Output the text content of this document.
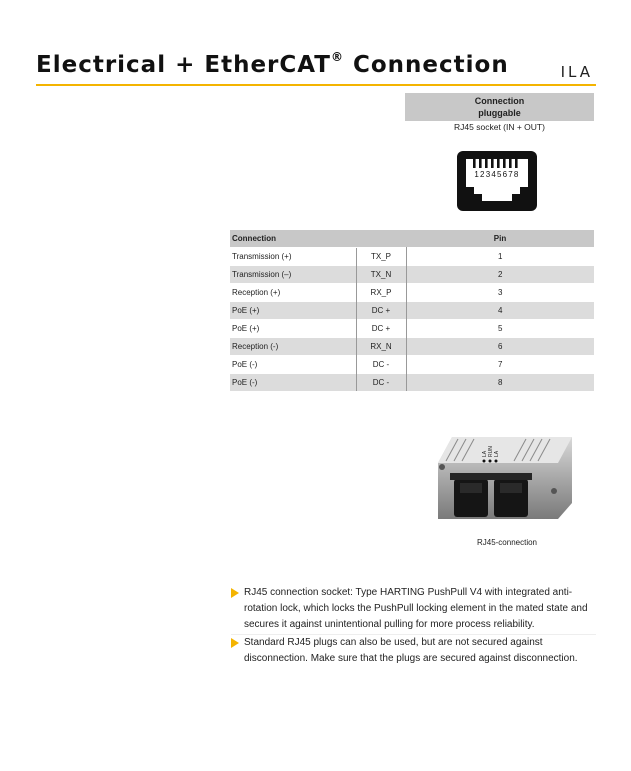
Electrical + EtherCAT® Connection	ILA
Connection
pluggable
RJ45 socket (IN + OUT)
12345678
Connection		Pin
Transmission (+)	TX_P	1
Transmission (–)	TX_N	2
Reception (+)	RX_P	3
PoE (+)	DC +	4
PoE (+)	DC +	5
Reception (-)	RX_N	6
PoE (-)	DC -	7
PoE (-)	DC -	8
LA RUN LA
RJ45-connection
RJ45 connection socket: Type HARTING PushPull V4 with integrated anti-rotation lock, which locks the PushPull locking element in the mated state and secures it against unintentional pulling for more process reliability.
Standard RJ45 plugs can also be used, but are not secured against disconnection. Make sure that the plugs are secured against disconnection.
